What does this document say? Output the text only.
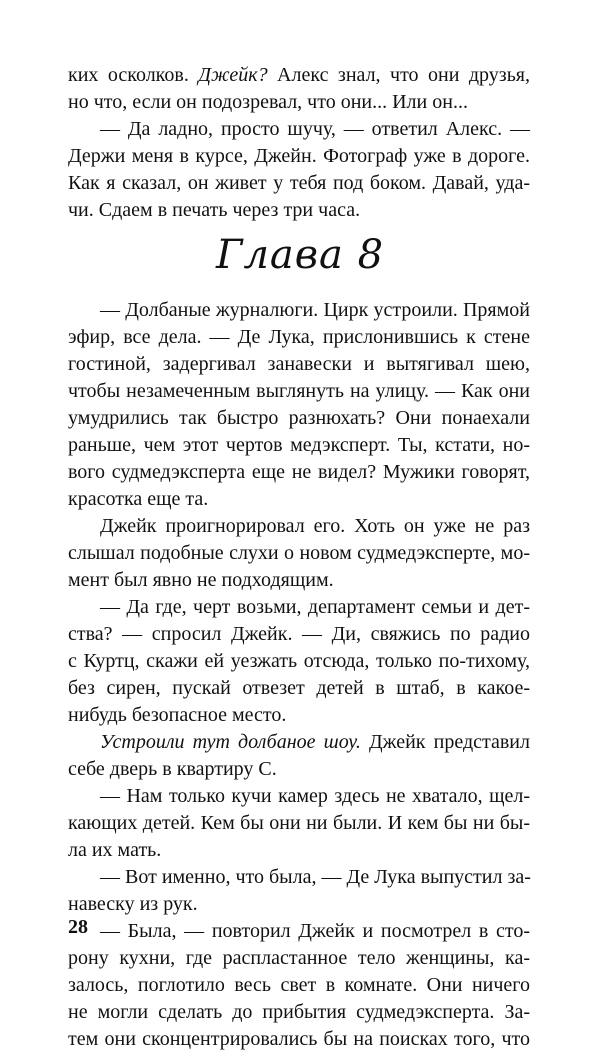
ких осколков. Джейк? Алекс знал, что они друзья,
но что, если он подозревал, что они... Или он...
— Да ладно, просто шучу, — ответил Алекс. —
Держи меня в курсе, Джейн. Фотограф уже в дороге.
Как я сказал, он живет у тебя под боком. Давай, уда-
чи. Сдаем в печать через три часа.
Глава 8
— Долбаные журналюги. Цирк устроили. Прямой
эфир, все дела. — Де Лука, прислонившись к стене
гостиной, задергивал занавески и вытягивал шею,
чтобы незамеченным выглянуть на улицу. — Как они
умудрились так быстро разнюхать? Они понаехали
раньше, чем этот чертов медэксперт. Ты, кстати, но-
вого судмедэксперта еще не видел? Мужики говорят,
красотка еще та.
Джейк проигнорировал его. Хоть он уже не раз
слышал подобные слухи о новом судмедэксперте, мо-
мент был явно не подходящим.
— Да где, черт возьми, департамент семьи и дет-
ства? — спросил Джейк. — Ди, свяжись по радио
с Куртц, скажи ей уезжать отсюда, только по-тихому,
без сирен, пускай отвезет детей в штаб, в какое-
нибудь безопасное место.
Устроили тут долбаное шоу. Джейк представил
себе дверь в квартиру С.
— Нам только кучи камер здесь не хватало, щел-
кающих детей. Кем бы они ни были. И кем бы ни бы-
ла их мать.
— Вот именно, что была, — Де Лука выпустил за-
навеску из рук.
— Была, — повторил Джейк и посмотрел в сто-
рону кухни, где распластанное тело женщины, ка-
залось, поглотило весь свет в комнате. Они ничего
не могли сделать до прибытия судмедэксперта. За-
тем они сконцентрировались бы на поисках того, что
28
